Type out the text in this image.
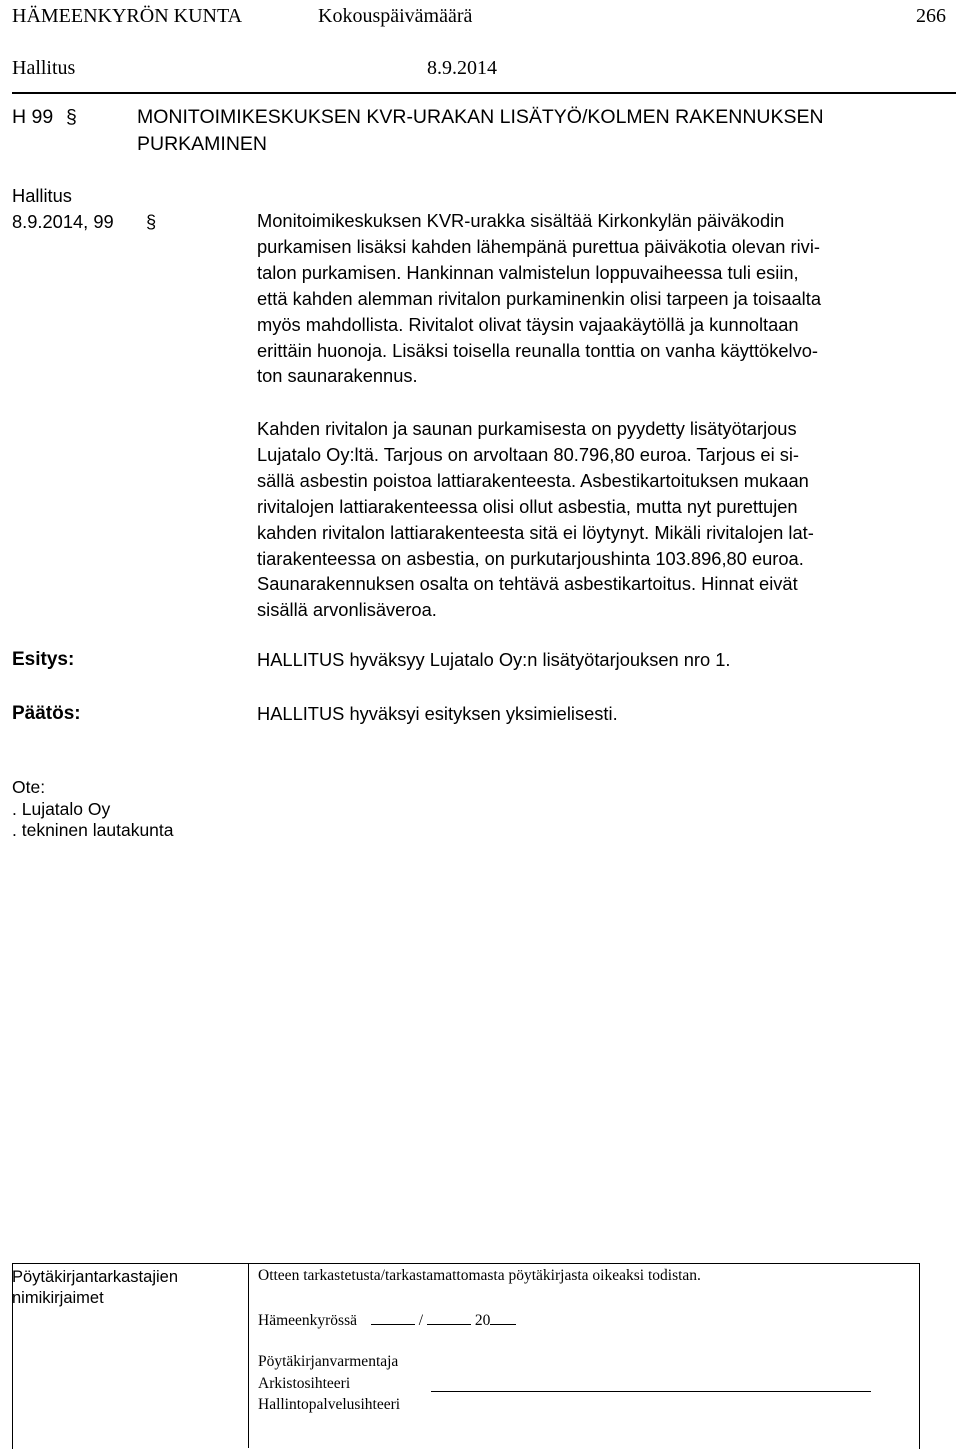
HÄMEENKYRÖN KUNTA	Kokouspäivämäärä	266
Hallitus	8.9.2014
H 99 §	MONITOIMIKESKUKSEN KVR-URAKAN LISÄTYÖ/KOLMEN RAKENNUKSEN
PURKAMINEN
Hallitus
8.9.2014, 99 §	Monitoimikeskuksen KVR-urakka sisältää Kirkonkylän päiväkodin
purkamisen lisäksi kahden lähempänä purettua päiväkotia olevan rivi-
talon purkamisen. Hankinnan valmistelun loppuvaiheessa tuli esiin,
että kahden alemman rivitalon purkaminenkin olisi tarpeen ja toisaalta
myös mahdollista. Rivitalot olivat täysin vajaakäytöllä ja kunnoltaan
erittäin huonoja. Lisäksi toisella reunalla tonttia on vanha käyttökelvo-
ton saunarakennus.
Kahden rivitalon ja saunan purkamisesta on pyydetty lisätyötarjous
Lujatalo Oy:ltä. Tarjous on arvoltaan 80.796,80 euroa. Tarjous ei si-
sällä asbestin poistoa lattiarakenteesta. Asbestikartoituksen mukaan
rivitalojen lattiarakenteessa olisi ollut asbestia, mutta nyt purettujen
kahden rivitalon lattiarakenteesta sitä ei löytynyt. Mikäli rivitalojen lat-
tiarakenteessa on asbestia, on purkutarjoushinta 103.896,80 euroa.
Saunarakennuksen osalta on tehtävä asbestikartoitus. Hinnat eivät
sisällä arvonlisäveroa.
Esitys:	HALLITUS hyväksyy Lujatalo Oy:n lisätyötarjouksen nro 1.
Päätös:	HALLITUS hyväksyi esityksen yksimielisesti.
Ote:
. Lujatalo Oy
. tekninen lautakunta
Pöytäkirjantarkastajien
nimikirjaimet
Otteen tarkastetusta/tarkastamattomasta pöytäkirjasta oikeaksi todistan.
Hämeenkyrössä	/	20
Pöytäkirjanvarmentaja
Arkistosihteeri
Hallintopalvelusihteeri
